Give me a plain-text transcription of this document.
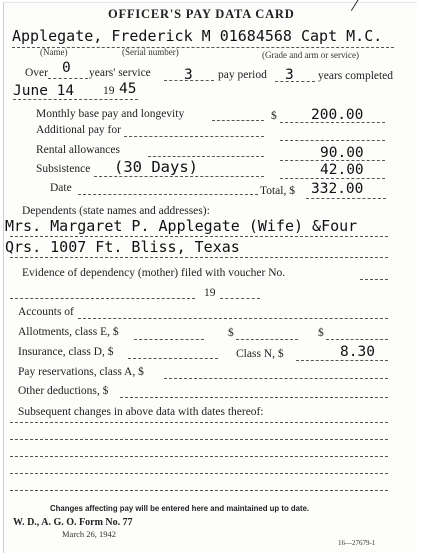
OFFICER'S PAY DATA CARD
Applegate, Frederick M 01684568 Capt M.C.
(Name)	(Serial number)	(Grade and arm or service)
Over 0 years' service 3 pay period 3 years completed
June 14	19 45
Monthly base pay and longevity	$ 200.00
Additional pay for
Rental allowances	90.00
Subsistence (30 Days)	42.00
Date	Total, $ 332.00
Dependents (state names and addresses):
Mrs. Margaret P. Applegate (Wife) &Four
Qrs. 1007 Ft. Bliss, Texas
Evidence of dependency (mother) filed with voucher No.
19
Accounts of
Allotments, class E, $	$	$
Insurance, class D, $	Class N, $	8.30
Pay reservations, class A, $
Other deductions, $
Subsequent changes in above data with dates thereof:
Changes affecting pay will be entered here and maintained up to date.
W. D., A. G. O. Form No. 77
March 26, 1942
16—27679-1
